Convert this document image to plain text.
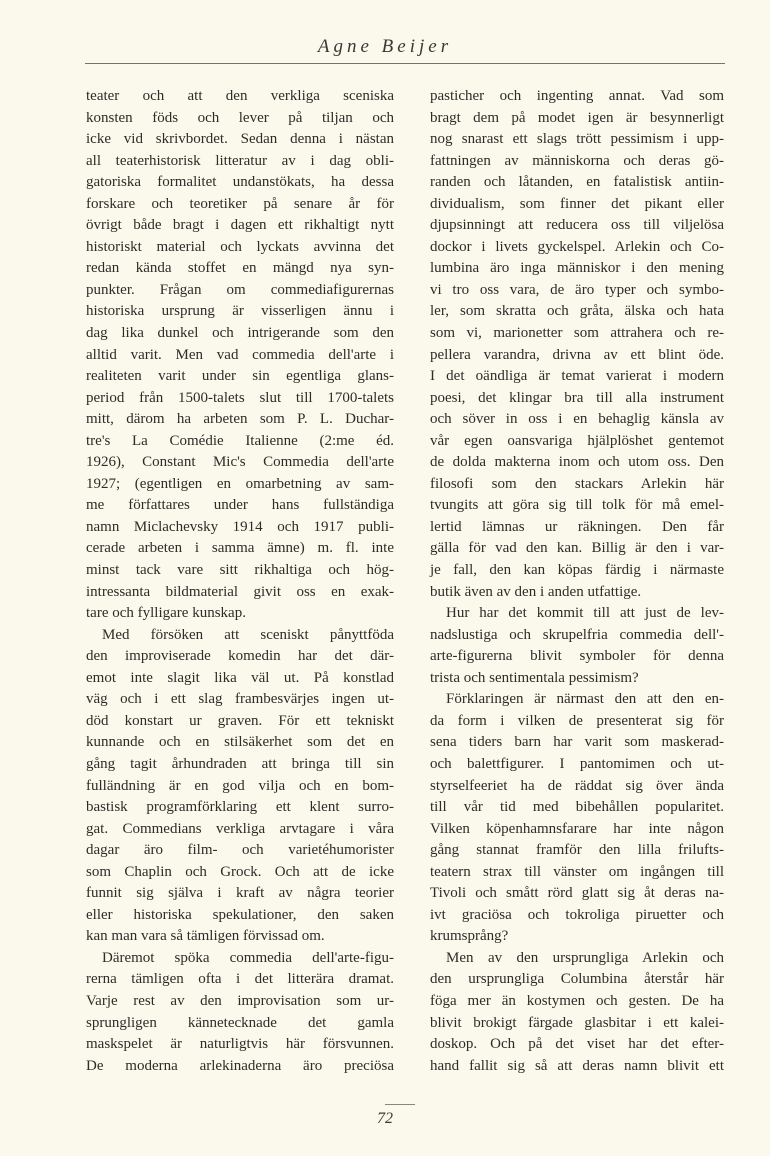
Agne Beijer
teater och att den verkliga sceniska
konsten föds och lever på tiljan och
icke vid skrivbordet. Sedan denna i nästan
all teaterhistorisk litteratur av i dag obli-
gatoriska formalitet undanstökats, ha dessa
forskare och teoretiker på senare år för
övrigt både bragt i dagen ett rikhaltigt nytt
historiskt material och lyckats avvinna det
redan kända stoffet en mängd nya syn-
punkter. Frågan om commediafigurernas
historiska ursprung är visserligen ännu i
dag lika dunkel och intrigerande som den
alltid varit. Men vad commedia dell'arte i
realiteten varit under sin egentliga glans-
period från 1500-talets slut till 1700-talets
mitt, därom ha arbeten som P. L. Duchar-
tre's La Comédie Italienne (2:me éd.
1926), Constant Mic's Commedia dell'arte
1927; (egentligen en omarbetning av sam-
me författares under hans fullständiga
namn Miclachevsky 1914 och 1917 publi-
cerade arbeten i samma ämne) m. fl. inte
minst tack vare sitt rikhaltiga och hög-
intressanta bildmaterial givit oss en exak-
tare och fylligare kunskap.
Med försöken att sceniskt pånyttföda
den improviserade komedin har det där-
emot inte slagit lika väl ut. På konstlad
väg och i ett slag frambesvärjes ingen ut-
död konstart ur graven. För ett tekniskt
kunnande och en stilsäkerhet som det en
gång tagit århundraden att bringa till sin
fulländning är en god vilja och en bom-
bastisk programförklaring ett klent surro-
gat. Commedians verkliga arvtagare i våra
dagar äro film- och varietéhumorister
som Chaplin och Grock. Och att de icke
funnit sig själva i kraft av några teorier
eller historiska spekulationer, den saken
kan man vara så tämligen förvissad om.
Däremot spöka commedia dell'arte-figu-
rerna tämligen ofta i det litterära dramat.
Varje rest av den improvisation som ur-
sprungligen kännetecknade det gamla
maskspelet är naturligtvis här försvunnen.
De moderna arlekinaderna äro preciösa
pasticher och ingenting annat. Vad som
bragt dem på modet igen är besynnerligt
nog snarast ett slags trött pessimism i upp-
fattningen av människorna och deras gö-
randen och låtanden, en fatalistisk antiin-
dividualism, som finner det pikant eller
djupsinningt att reducera oss till viljelösa
dockor i livets gyckelspel. Arlekin och Co-
lumbina äro inga människor i den mening
vi tro oss vara, de äro typer och symbo-
ler, som skratta och gråta, älska och hata
som vi, marionetter som attrahera och re-
pellera varandra, drivna av ett blint öde.
I det oändliga är temat varierat i modern
poesi, det klingar bra till alla instrument
och söver in oss i en behaglig känsla av
vår egen oansvariga hjälplöshet gentemot
de dolda makterna inom och utom oss. Den
filosofi som den stackars Arlekin här
tvungits att göra sig till tolk för må emel-
lertid lämnas ur räkningen. Den får
gälla för vad den kan. Billig är den i var-
je fall, den kan köpas färdig i närmaste
butik även av den i anden utfattige.
Hur har det kommit till att just de lev-
nadslustiga och skrupelfria commedia dell'-
arte-figurerna blivit symboler för denna
trista och sentimentala pessimism?
Förklaringen är närmast den att den en-
da form i vilken de presenterat sig för
sena tiders barn har varit som maskerad-
och balettfigurer. I pantomimen och ut-
styrselfeeriet ha de räddat sig över ända
till vår tid med bibehållen popularitet.
Vilken köpenhamnsfarare har inte någon
gång stannat framför den lilla frilufts-
teatern strax till vänster om ingången till
Tivoli och smått rörd glatt sig åt deras na-
ivt graciösa och tokroliga piruetter och
krumsprång?
Men av den ursprungliga Arlekin och
den ursprungliga Columbina återstår här
föga mer än kostymen och gesten. De ha
blivit brokigt färgade glasbitar i ett kalei-
doskop. Och på det viset har det efter-
hand fallit sig så att deras namn blivit ett
72
